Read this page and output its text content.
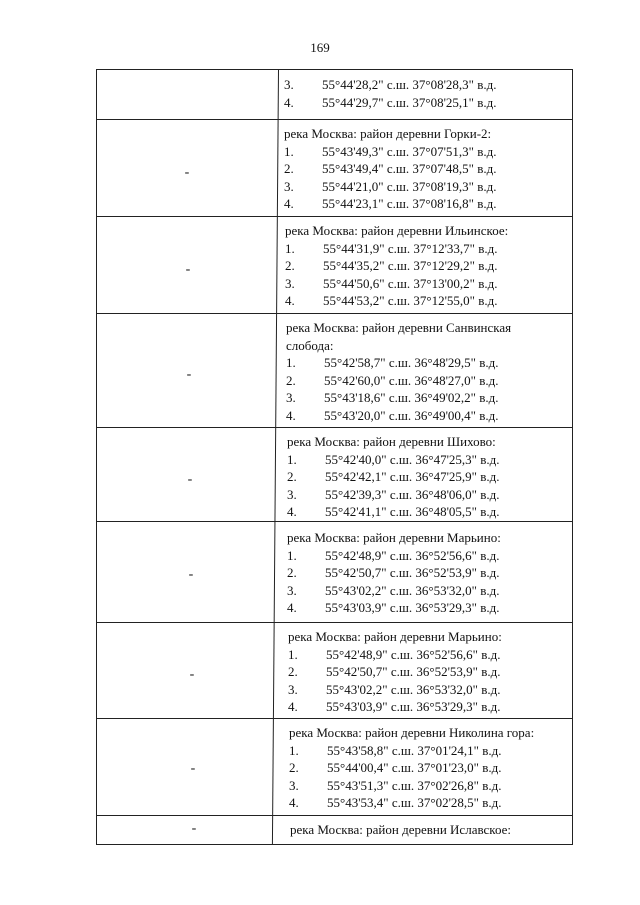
169
3.	55°44'28,2" с.ш. 37°08'28,3" в.д.
4.	55°44'29,7" с.ш. 37°08'25,1" в.д.
-
река Москва: район деревни Горки-2:
1.	55°43'49,3" с.ш. 37°07'51,3" в.д.
2.	55°43'49,4" с.ш. 37°07'48,5" в.д.
3.	55°44'21,0" с.ш. 37°08'19,3" в.д.
4.	55°44'23,1" с.ш. 37°08'16,8" в.д.
-
река Москва: район деревни Ильинское:
1.	55°44'31,9" с.ш. 37°12'33,7" в.д.
2.	55°44'35,2" с.ш. 37°12'29,2" в.д.
3.	55°44'50,6" с.ш. 37°13'00,2" в.д.
4.	55°44'53,2" с.ш. 37°12'55,0" в.д.
-
река Москва: район деревни Санвинская
слобода:
1.	55°42'58,7" с.ш. 36°48'29,5" в.д.
2.	55°42'60,0" с.ш. 36°48'27,0" в.д.
3.	55°43'18,6" с.ш. 36°49'02,2" в.д.
4.	55°43'20,0" с.ш. 36°49'00,4" в.д.
-
река Москва: район деревни Шихово:
1.	55°42'40,0" с.ш. 36°47'25,3" в.д.
2.	55°42'42,1" с.ш. 36°47'25,9" в.д.
3.	55°42'39,3" с.ш. 36°48'06,0" в.д.
4.	55°42'41,1" с.ш. 36°48'05,5" в.д.
-
река Москва: район деревни Марьино:
1.	55°42'48,9" с.ш. 36°52'56,6" в.д.
2.	55°42'50,7" с.ш. 36°52'53,9" в.д.
3.	55°43'02,2" с.ш. 36°53'32,0" в.д.
4.	55°43'03,9" с.ш. 36°53'29,3" в.д.
-
река Москва: район деревни Марьино:
1.	55°42'48,9" с.ш. 36°52'56,6" в.д.
2.	55°42'50,7" с.ш. 36°52'53,9" в.д.
3.	55°43'02,2" с.ш. 36°53'32,0" в.д.
4.	55°43'03,9" с.ш. 36°53'29,3" в.д.
-
река Москва: район деревни Николина гора:
1.	55°43'58,8" с.ш. 37°01'24,1" в.д.
2.	55°44'00,4" с.ш. 37°01'23,0" в.д.
3.	55°43'51,3" с.ш. 37°02'26,8" в.д.
4.	55°43'53,4" с.ш. 37°02'28,5" в.д.
-	река Москва: район деревни Иславское:
